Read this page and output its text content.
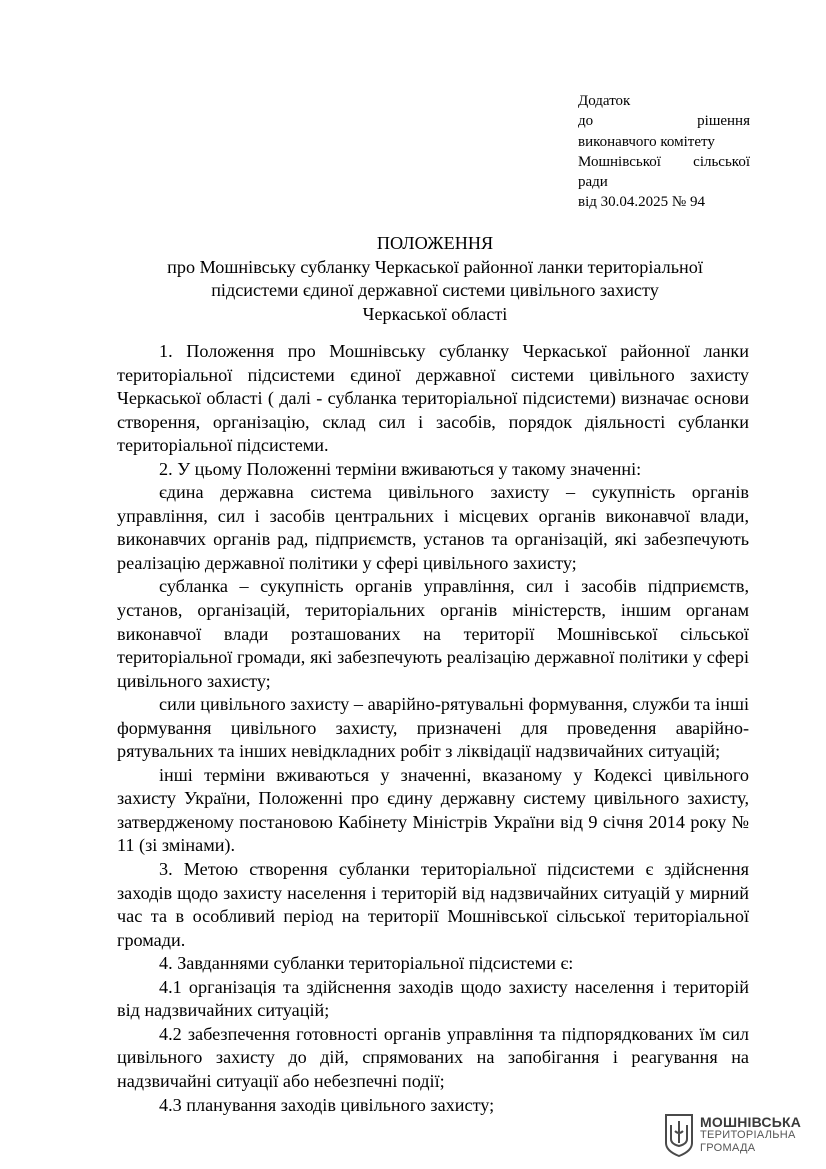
Додаток
до	рішення
виконавчого комітету
Мошнівської сільської
ради
від 30.04.2025 № 94
ПОЛОЖЕННЯ
про Мошнівську субланку Черкаської районної ланки територіальної
підсистеми єдиної державної системи цивільного захисту
Черкаської області

1. Положення про Мошнівську субланку Черкаської районної ланки територіальної підсистеми єдиної державної системи цивільного захисту Черкаської області ( далі - субланка територіальної підсистеми) визначає основи створення, організацію, склад сил і засобів, порядок діяльності субланки територіальної підсистеми.

2. У цьому Положенні терміни вживаються у такому значенні:

єдина державна система цивільного захисту – сукупність органів управління, сил і засобів центральних і місцевих органів виконавчої влади, виконавчих органів рад, підприємств, установ та організацій, які забезпечують реалізацію державної політики у сфері цивільного захисту;

субланка – сукупність органів управління, сил і засобів підприємств, установ, організацій, територіальних органів міністерств, іншим органам виконавчої влади розташованих на території Мошнівської сільської територіальної громади, які забезпечують реалізацію державної політики у сфері цивільного захисту;

сили цивільного захисту – аварійно-рятувальні формування, служби та інші формування цивільного захисту, призначені для проведення аварійно-рятувальних та інших невідкладних робіт з ліквідації надзвичайних ситуацій;

інші терміни вживаються у значенні, вказаному у Кодексі цивільного захисту України, Положенні про єдину державну систему цивільного захисту, затвердженому постановою Кабінету Міністрів України від 9 січня 2014 року № 11 (зі змінами).

3. Метою створення субланки територіальної підсистеми є здійснення заходів щодо захисту населення і територій від надзвичайних ситуацій у мирний час та в особливий період на території Мошнівської сільської територіальної громади.

4. Завданнями субланки територіальної підсистеми є:

4.1 організація та здійснення заходів щодо захисту населення і територій від надзвичайних ситуацій;

4.2 забезпечення готовності органів управління та підпорядкованих їм сил цивільного захисту до дій, спрямованих на запобігання і реагування на надзвичайні ситуації або небезпечні події;

4.3 планування заходів цивільного захисту;

МОШНІВСЬКА
ТЕРИТОРІАЛЬНА
ГРОМАДА
